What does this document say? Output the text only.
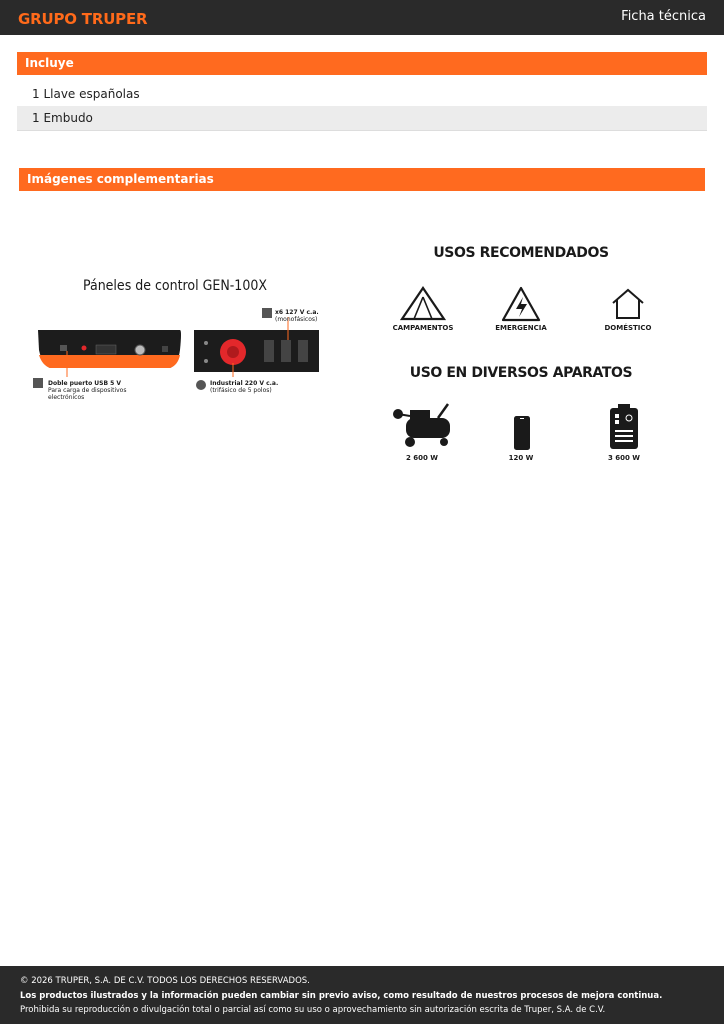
GRUPO TRUPER	Ficha técnica
Incluye
1 Llave españolas
1 Embudo
Imágenes complementarias
Páneles de control GEN-100X
x6 127 V c.a.
(monofásicos)
Doble puerto USB 5 V
Para carga de dispositivos electrónicos
Industrial 220 V c.a.
(trifásico de 5 polos)
USOS RECOMENDADOS
CAMPAMENTOS	EMERGENCIA	DOMÉSTICO
USO EN DIVERSOS APARATOS
2 600 W	120 W	3 600 W
© 2026 TRUPER, S.A. DE C.V. TODOS LOS DERECHOS RESERVADOS.
Los productos ilustrados y la información pueden cambiar sin previo aviso, como resultado de nuestros procesos de mejora continua.
Prohibida su reproducción o divulgación total o parcial así como su uso o aprovechamiento sin autorización escrita de Truper, S.A. de C.V.
